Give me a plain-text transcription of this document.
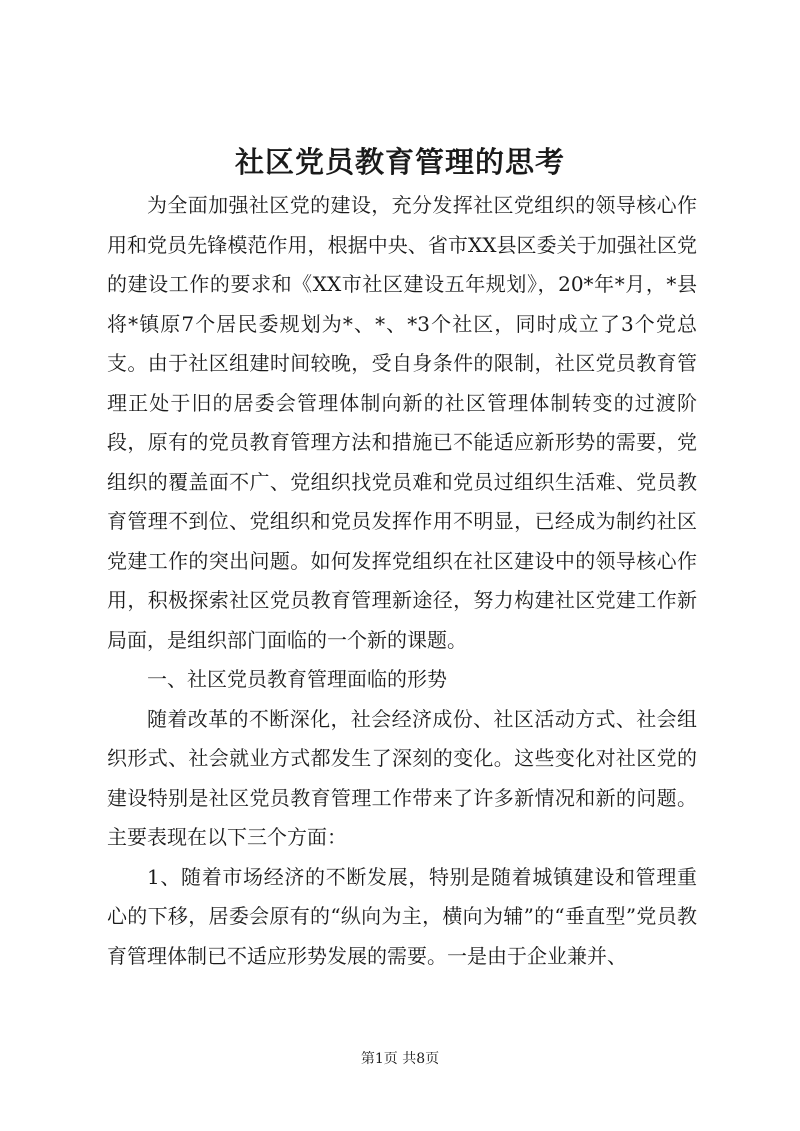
社区党员教育管理的思考

为全面加强社区党的建设，充分发挥社区党组织的领导核心作用和党员先锋模范作用，根据中央、省市XX县区委关于加强社区党的建设工作的要求和《XX市社区建设五年规划》，20*年*月，*县将*镇原7个居民委规划为*、*、*3个社区，同时成立了3个党总支。由于社区组建时间较晚，受自身条件的限制，社区党员教育管理正处于旧的居委会管理体制向新的社区管理体制转变的过渡阶段，原有的党员教育管理方法和措施已不能适应新形势的需要，党组织的覆盖面不广、党组织找党员难和党员过组织生活难、党员教育管理不到位、党组织和党员发挥作用不明显，已经成为制约社区党建工作的突出问题。如何发挥党组织在社区建设中的领导核心作用，积极探索社区党员教育管理新途径，努力构建社区党建工作新局面，是组织部门面临的一个新的课题。

一、社区党员教育管理面临的形势

随着改革的不断深化，社会经济成份、社区活动方式、社会组织形式、社会就业方式都发生了深刻的变化。这些变化对社区党的建设特别是社区党员教育管理工作带来了许多新情况和新的问题。主要表现在以下三个方面：

1、随着市场经济的不断发展，特别是随着城镇建设和管理重心的下移，居委会原有的“纵向为主，横向为辅”的“垂直型”党员教育管理体制已不适应形势发展的需要。一是由于企业兼并、

第1页 共8页
